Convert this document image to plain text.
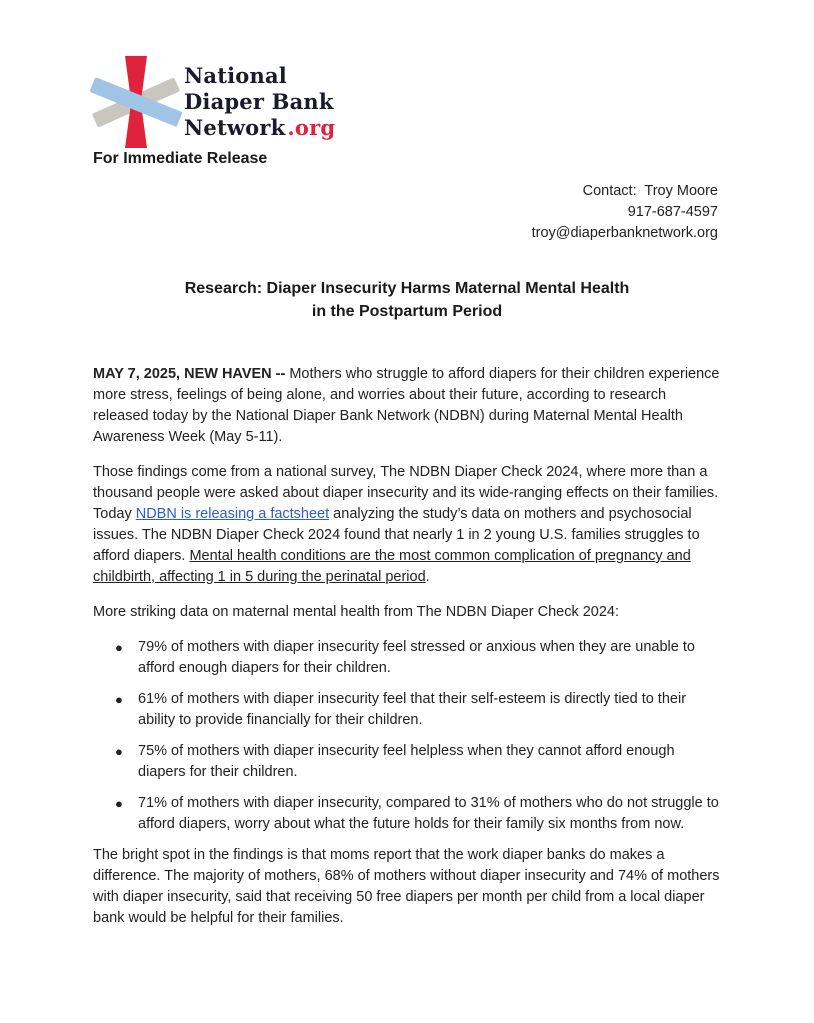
National
Diaper Bank
Network.org
For Immediate Release
Contact:  Troy Moore
917-687-4597
troy@diaperbanknetwork.org
Research: Diaper Insecurity Harms Maternal Mental Health
in the Postpartum Period
MAY 7, 2025, NEW HAVEN -- Mothers who struggle to afford diapers for their children experience more stress, feelings of being alone, and worries about their future, according to research released today by the National Diaper Bank Network (NDBN) during Maternal Mental Health Awareness Week (May 5-11).
Those findings come from a national survey, The NDBN Diaper Check 2024, where more than a thousand people were asked about diaper insecurity and its wide-ranging effects on their families. Today NDBN is releasing a factsheet analyzing the study’s data on mothers and psychosocial issues. The NDBN Diaper Check 2024 found that nearly 1 in 2 young U.S. families struggles to afford diapers. Mental health conditions are the most common complication of pregnancy and childbirth, affecting 1 in 5 during the perinatal period.
More striking data on maternal mental health from The NDBN Diaper Check 2024:
●	79% of mothers with diaper insecurity feel stressed or anxious when they are unable to afford enough diapers for their children.
●	61% of mothers with diaper insecurity feel that their self-esteem is directly tied to their ability to provide financially for their children.
●	75% of mothers with diaper insecurity feel helpless when they cannot afford enough diapers for their children.
●	71% of mothers with diaper insecurity, compared to 31% of mothers who do not struggle to afford diapers, worry about what the future holds for their family six months from now.
The bright spot in the findings is that moms report that the work diaper banks do makes a difference. The majority of mothers, 68% of mothers without diaper insecurity and 74% of mothers with diaper insecurity, said that receiving 50 free diapers per month per child from a local diaper bank would be helpful for their families.
